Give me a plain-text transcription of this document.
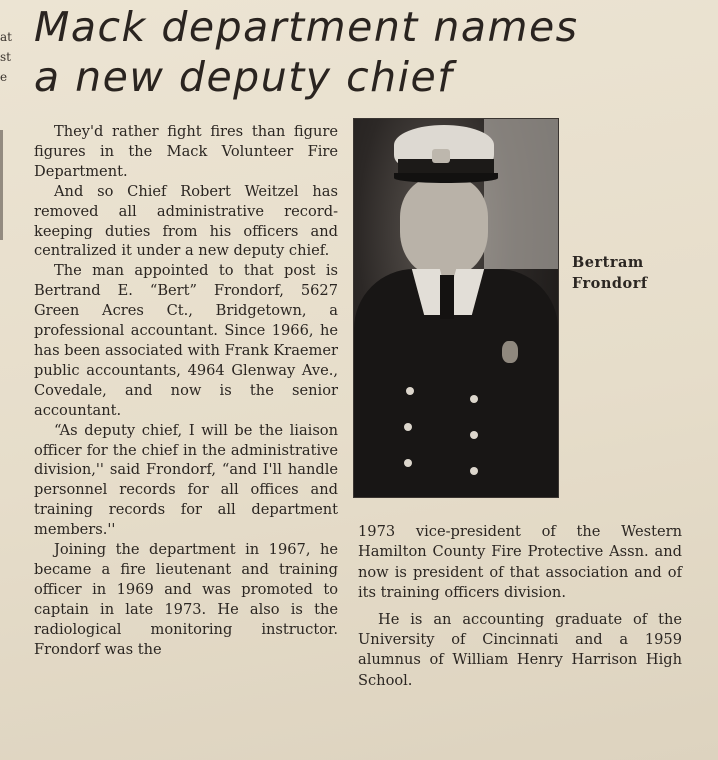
at
st
e
Mack department names
a new deputy chief

They'd rather fight fires than figure figures in the Mack Volunteer Fire Department.

And so Chief Robert Weitzel has removed all administrative record-keeping duties from his officers and centralized it under a new deputy chief.

The man appointed to that post is Bertrand E. “Bert” Frondorf, 5627 Green Acres Ct., Bridgetown, a professional accountant. Since 1966, he has been associated with Frank Kraemer public accountants, 4964 Glenway Ave., Covedale, and now is the senior accountant.

“As deputy chief, I will be the liaison officer for the chief in the administrative division,'' said Frondorf, “and I'll handle personnel records for all offices and training records for all department members.''

Joining the department in 1967, he became a fire lieutenant and training officer in 1969 and was promoted to captain in late 1973. He also is the radiological monitoring instructor. Frondorf was the

Bertram
Frondorf

1973 vice-president of the Western Hamilton County Fire Protective Assn. and now is president of that association and of its training officers division.

He is an accounting graduate of the University of Cincinnati and a 1959 alumnus of William Henry Harrison High School.
